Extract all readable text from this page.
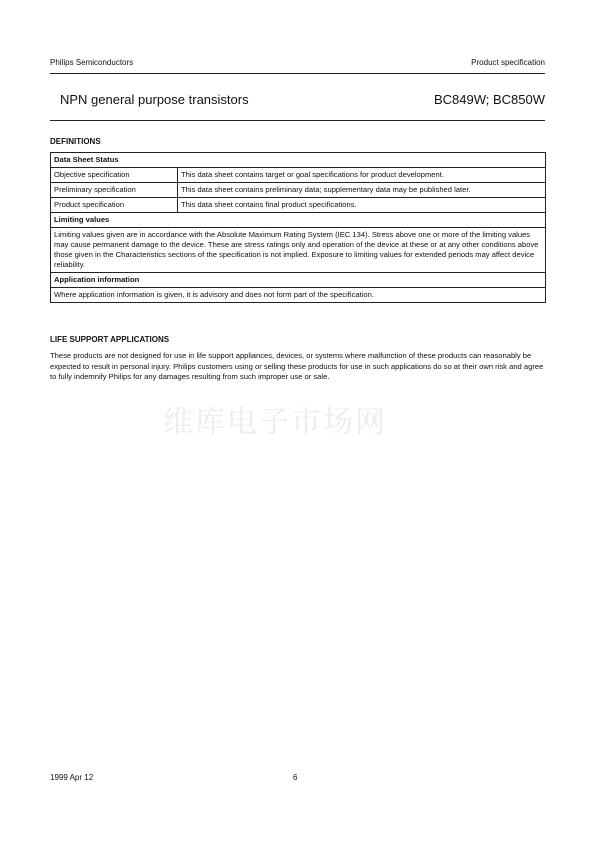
Philips Semiconductors	Product specification
NPN general purpose transistors	BC849W; BC850W
DEFINITIONS
Data Sheet Status	
Objective specification	This data sheet contains target or goal specifications for product development.
Preliminary specification	This data sheet contains preliminary data; supplementary data may be published later.
Product specification	This data sheet contains final product specifications.
Limiting values	
Limiting values given are in accordance with the Absolute Maximum Rating System (IEC 134). Stress above one or more of the limiting values may cause permanent damage to the device. These are stress ratings only and operation of the device at these or at any other conditions above those given in the Characteristics sections of the specification is not implied. Exposure to limiting values for extended periods may affect device reliability.	
Application information	
Where application information is given, it is advisory and does not form part of the specification.	
LIFE SUPPORT APPLICATIONS

These products are not designed for use in life support appliances, devices, or systems where malfunction of these products can reasonably be expected to result in personal injury. Philips customers using or selling these products for use in such applications do so at their own risk and agree to fully indemnify Philips for any damages resulting from such improper use or sale.

维库电子市场网
1999 Apr 12	6
